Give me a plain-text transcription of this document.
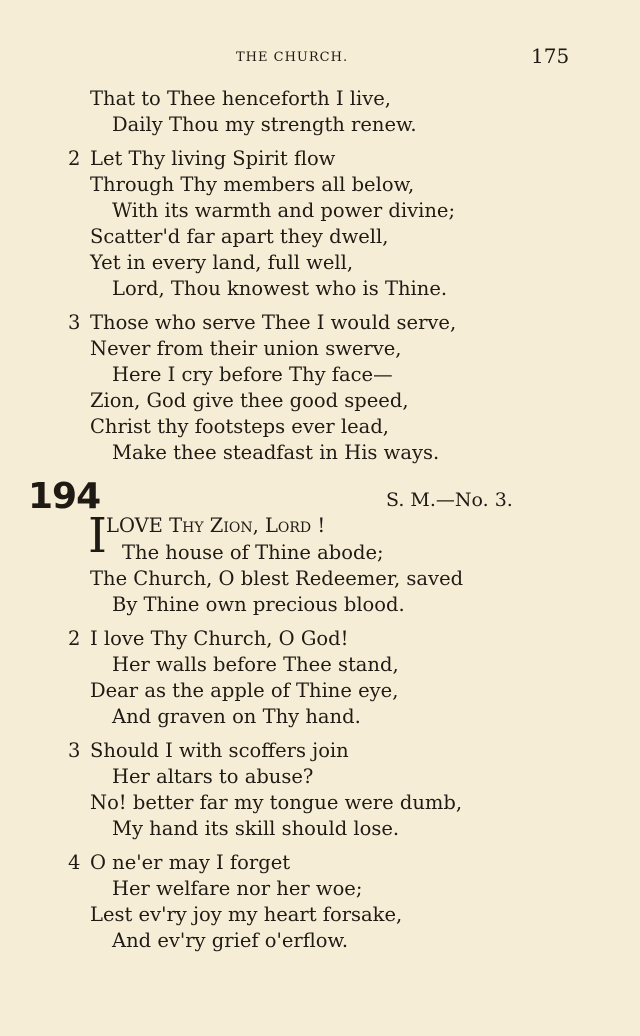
THE CHURCH.	175
That to Thee henceforth I live,
Daily Thou my strength renew.
2 Let Thy living Spirit flow
Through Thy members all below,
With its warmth and power divine;
Scatter'd far apart they dwell,
Yet in every land, full well,
Lord, Thou knowest who is Thine.
3 Those who serve Thee I would serve,
Never from their union swerve,
Here I cry before Thy face—
Zion, God give thee good speed,
Christ thy footsteps ever lead,
Make thee steadfast in His ways.
194	S. M.—No. 3.
I LOVE Thy Zion, Lord !
The house of Thine abode;
The Church, O blest Redeemer, saved
By Thine own precious blood.
2 I love Thy Church, O God!
Her walls before Thee stand,
Dear as the apple of Thine eye,
And graven on Thy hand.
3 Should I with scoffers join
Her altars to abuse?
No! better far my tongue were dumb,
My hand its skill should lose.
4 O ne'er may I forget
Her welfare nor her woe;
Lest ev'ry joy my heart forsake,
And ev'ry grief o'erflow.
